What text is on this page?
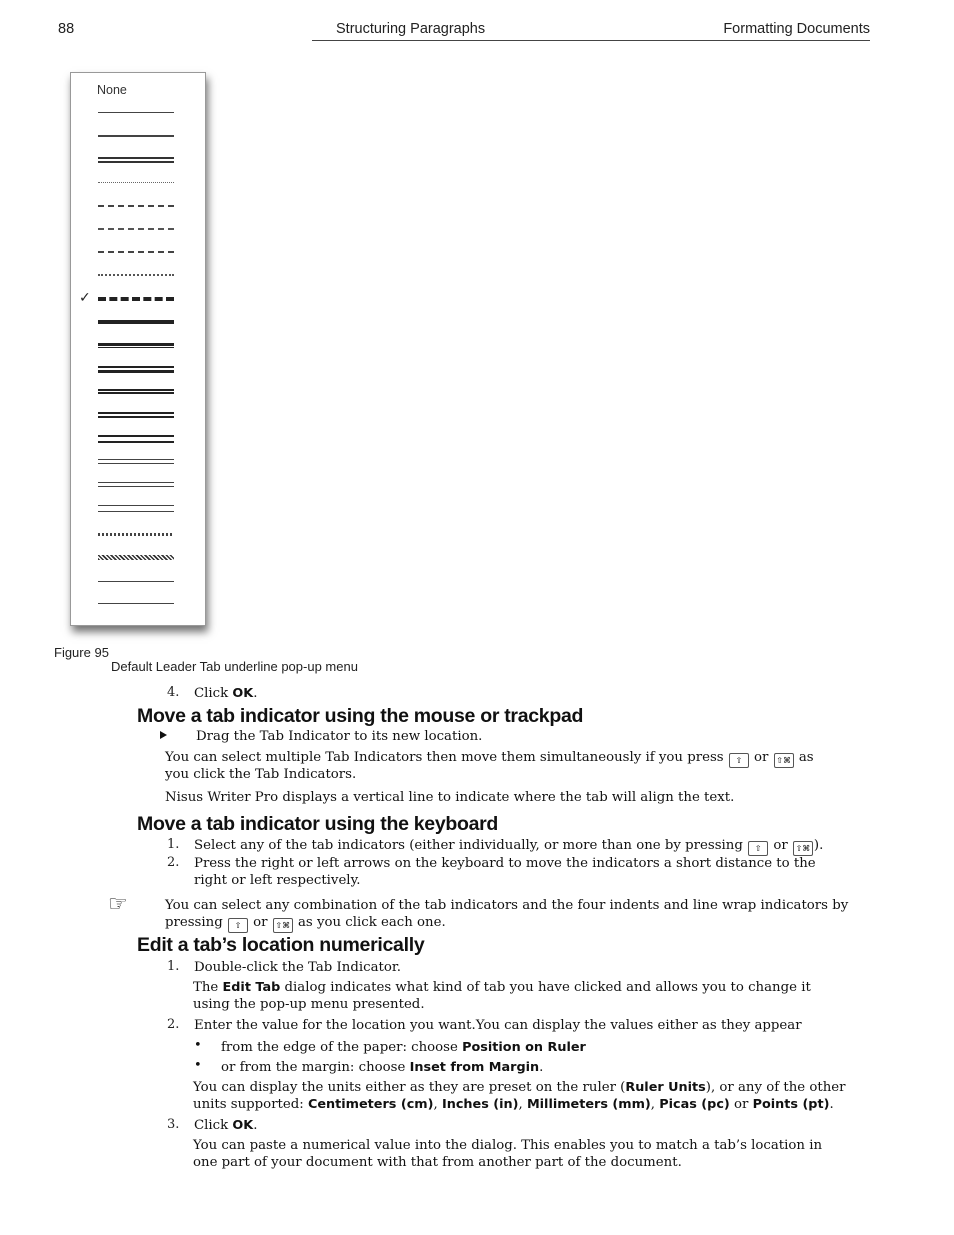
88	Structuring Paragraphs	Formatting Documents
None
✓
Figure 95
Default Leader Tab underline pop-up menu
4. Click OK.
Move a tab indicator using the mouse or trackpad
Drag the Tab Indicator to its new location.
You can select multiple Tab Indicators then move them simultaneously if you press ⇧ or ⇧⌘ as
you click the Tab Indicators.
Nisus Writer Pro displays a vertical line to indicate where the tab will align the text.
Move a tab indicator using the keyboard
1. Select any of the tab indicators (either individually, or more than one by pressing ⇧ or ⇧⌘ ).
2. Press the right or left arrows on the keyboard to move the indicators a short distance to the
right or left respectively.
☞	You can select any combination of the tab indicators and the four indents and line wrap indicators by
pressing ⇧ or ⇧⌘ as you click each one.
Edit a tab’s location numerically
1. Double-click the Tab Indicator.
The Edit Tab dialog indicates what kind of tab you have clicked and allows you to change it
using the pop-up menu presented.
2. Enter the value for the location you want.You can display the values either as they appear
• from the edge of the paper: choose Position on Ruler
• or from the margin: choose Inset from Margin.
You can display the units either as they are preset on the ruler (Ruler Units), or any of the other
units supported: Centimeters (cm), Inches (in), Millimeters (mm), Picas (pc) or Points (pt).
3. Click OK.
You can paste a numerical value into the dialog. This enables you to match a tab’s location in
one part of your document with that from another part of the document.
